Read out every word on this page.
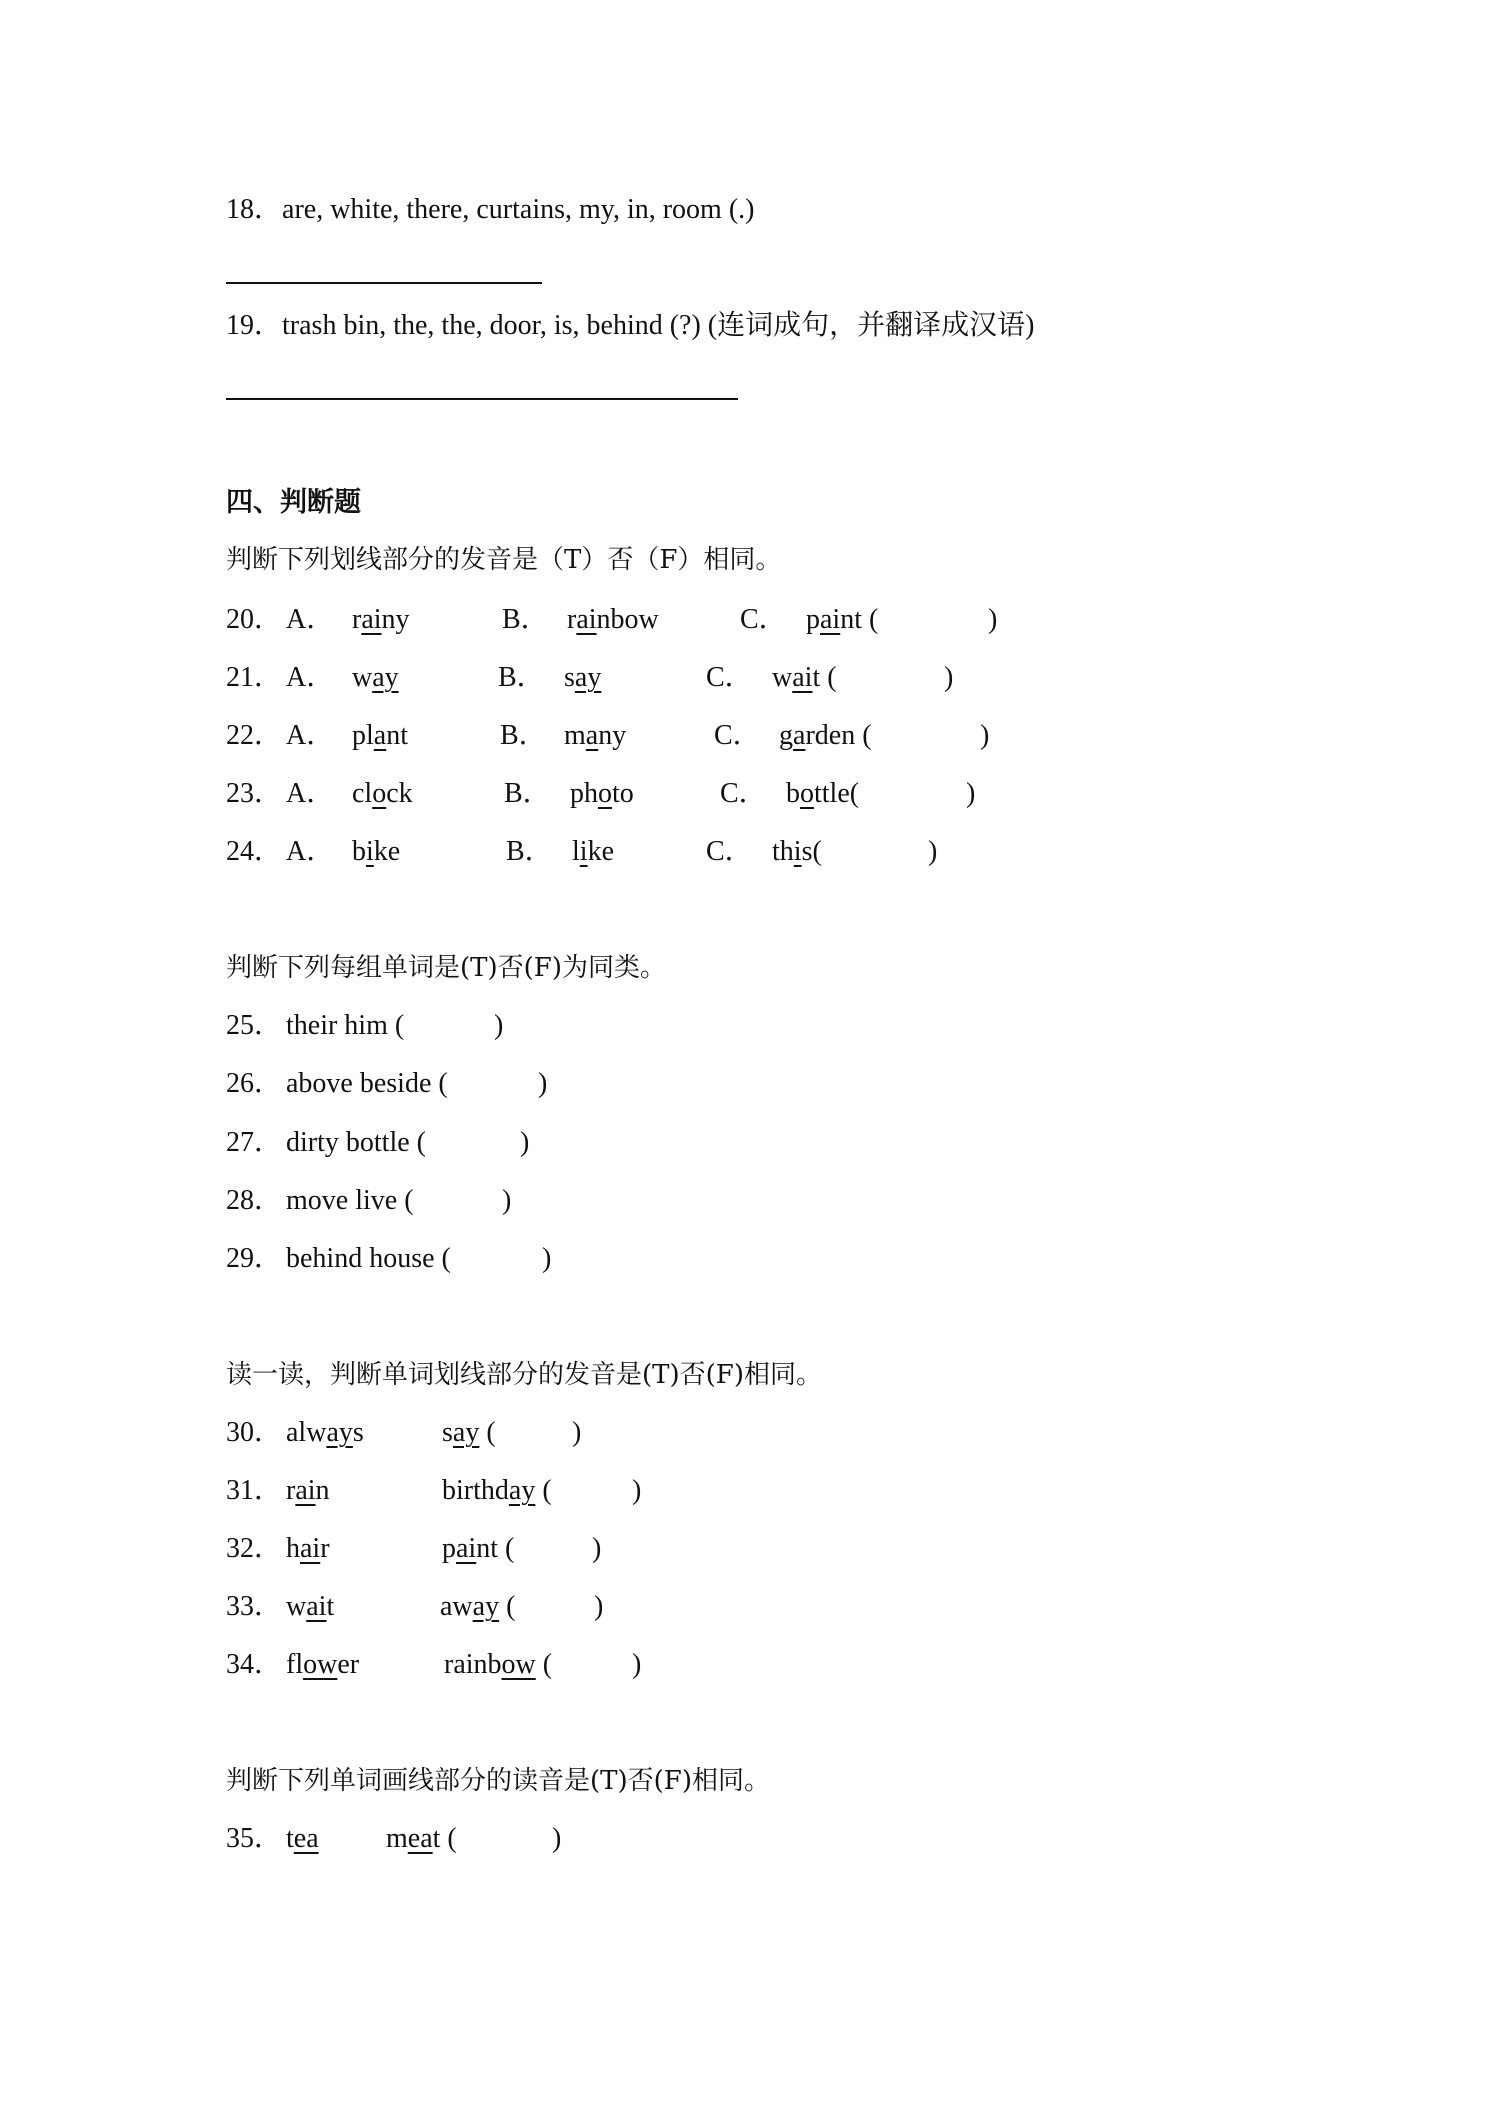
18．are, white, there, curtains, my, in, room (.)
19．trash bin, the, the, door, is, behind (?) (连词成句，并翻译成汉语)
四、判断题
判断下列划线部分的发音是（T）否（F）相同。
20． A． rainy	B． rainbow	C． paint (	)
21． A． way	B． say	C． wait (	)
22． A． plant	B． many	C． garden (	)
23． A． clock	B． photo	C． bottle(	)
24． A． bike	B． like	C． this(	)
判断下列每组单词是(T)否(F)为同类。
25． their him (	)
26． above beside (	)
27． dirty bottle (	)
28． move live (	)
29． behind house (	)
读一读，判断单词划线部分的发音是(T)否(F)相同。
30． always	say (	)
31． rain	birthday (	)
32． hair	paint (	)
33． wait	away (	)
34． flower	rainbow (	)
判断下列单词画线部分的读音是(T)否(F)相同。
35． tea meat (	)
